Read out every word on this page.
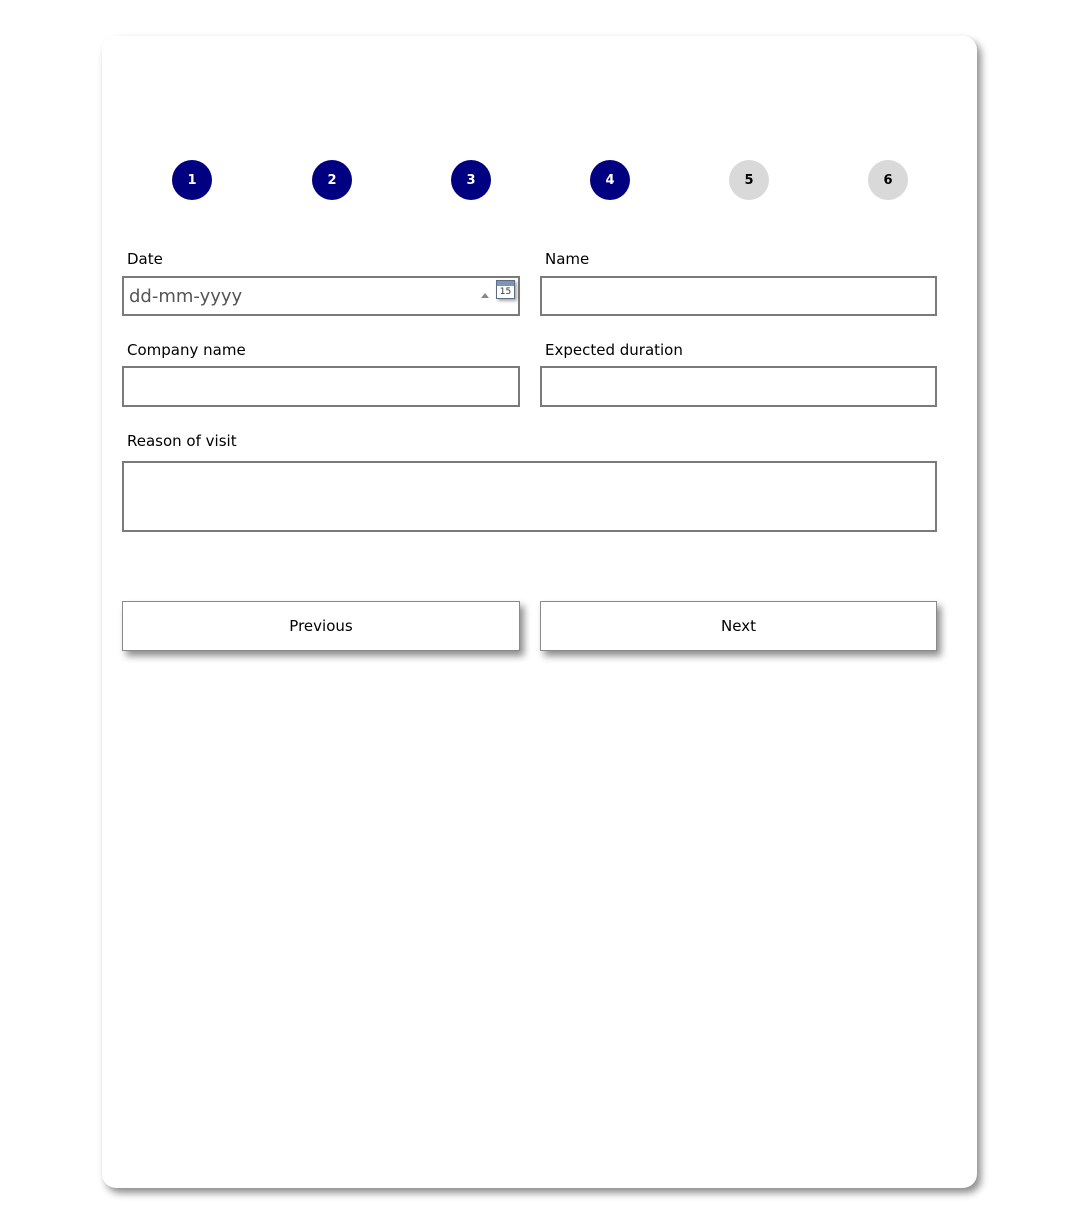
1	2	3	4	5	6
Date
dd-mm-yyyy	15
Name
Company name	Expected duration
Reason of visit
Previous	Next
